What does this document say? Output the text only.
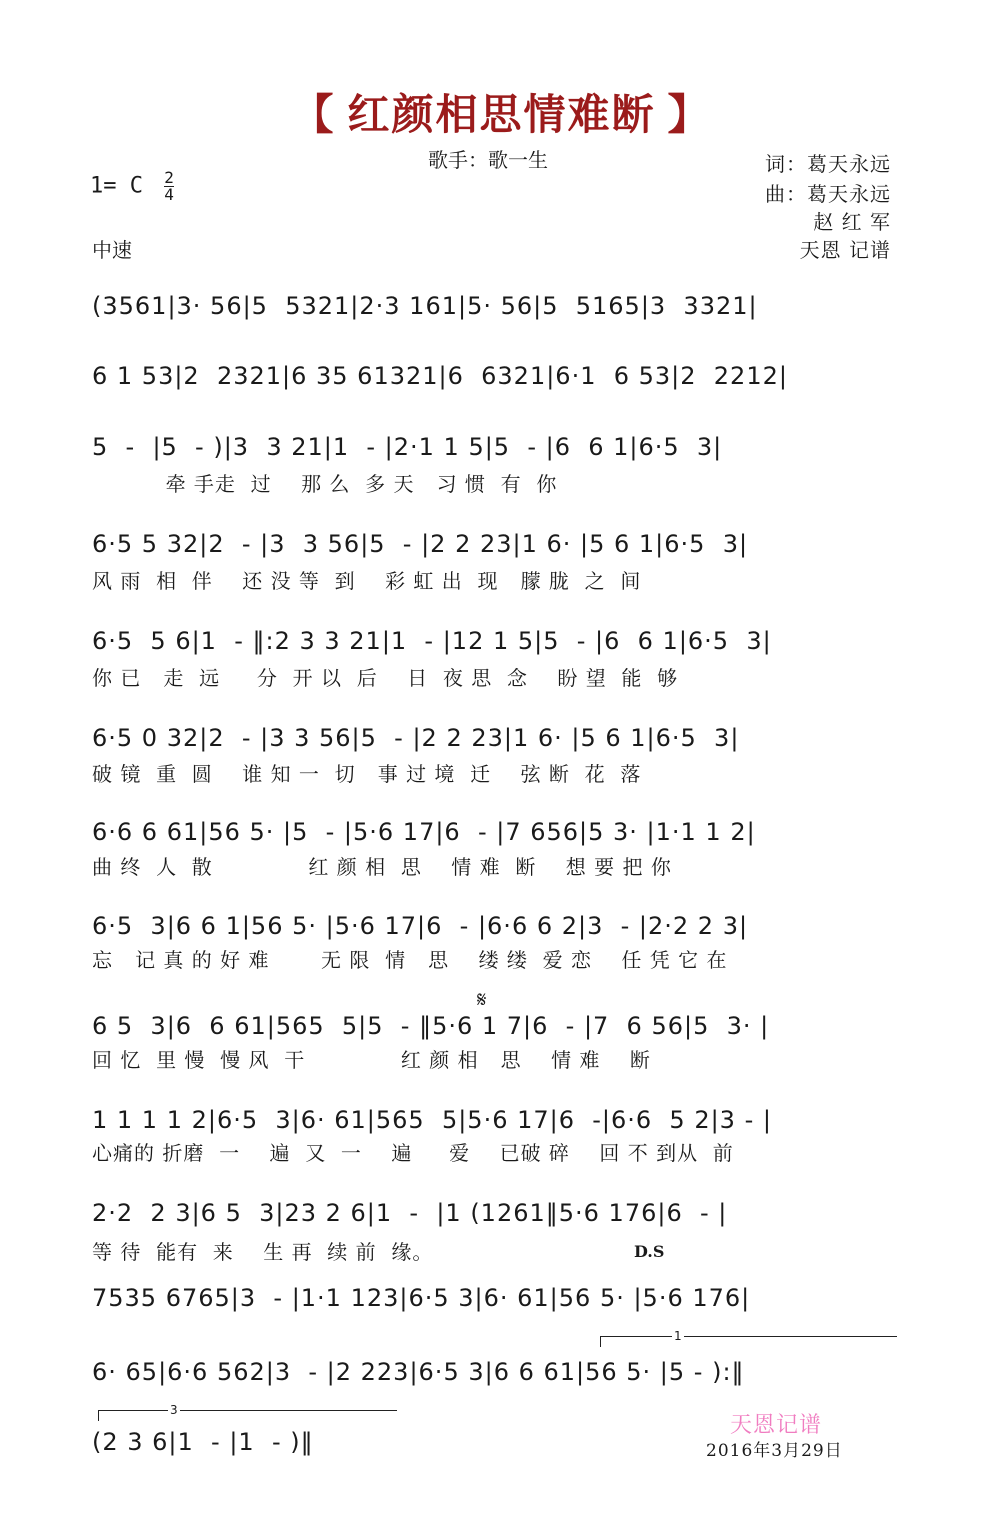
【 红颜相思情难断 】
歌手：歌一生
1= C $\frac{2}{4}$
中速
词：葛天永远
曲：葛天永远
赵 红 军
天恩 记谱
(3561|3· 56|5  5321|2·3 161|5· 56|5  5165|3  3321|
6 1 53|2  2321|6 35 61321|6  6321|6·1  6 53|2  2212|
5  -  |5  - )|3  3 21|1  - |2·1 1 5|5  - |6  6 1|6·5  3|
牵 手走  过    那 么  多 天   习 惯  有  你
6·5 5 32|2  - |3  3 56|5  - |2 2 23|1 6· |5 6 1|6·5  3|
风 雨  相  伴    还 没 等  到    彩 虹 出  现   朦 胧  之  间
6·5  5 6|1  - ‖:2 3 3 21|1  - |12 1 5|5  - |6  6 1|6·5  3|
你 已   走  远     分  开 以  后    日  夜 思  念    盼 望  能  够
6·5 0 32|2  - |3 3 56|5  - |2 2 23|1 6· |5 6 1|6·5  3|
破 镜  重  圆    谁 知 一  切   事 过 境  迁    弦 断  花  落
6·6 6 61|56 5· |5  - |5·6 17|6  - |7 656|5 3· |1·1 1 2|
曲 终  人  散             红 颜 相  思    情 难  断    想 要 把 你
6·5  3|6 6 1|56 5· |5·6 17|6  - |6·6 6 2|3  - |2·2 2 3|
忘   记 真 的 好 难       无 限  情   思    缕 缕  爱 恋    任 凭 它 在
𝄋
6 5  3|6  6 61|565  5|5  - ‖5·6 1 7|6  - |7  6 56|5  3· |
回 忆  里 慢  慢 风  干             红 颜 相   思    情 难    断
1 1 1 1 2|6·5  3|6· 61|565  5|5·6 17|6  -|6·6  5 2|3 - |
心痛的 折磨  一    遍  又  一    遍     爱    已破 碎    回 不 到从  前
2·2  2 3|6 5  3|23 2 6|1  -  |1 (1261‖5·6 176|6  - |
等 待  能有  来    生 再  续 前  缘。	D.S
7535 6765|3  - |1·1 123|6·5 3|6· 61|56 5· |5·6 176|
1
6· 65|6·6 562|3  - |2 223|6·5 3|6 6 61|56 5· |5 - ):‖
3
(2 3 6|1  - |1  - )‖
天恩记谱
2016年3月29日
